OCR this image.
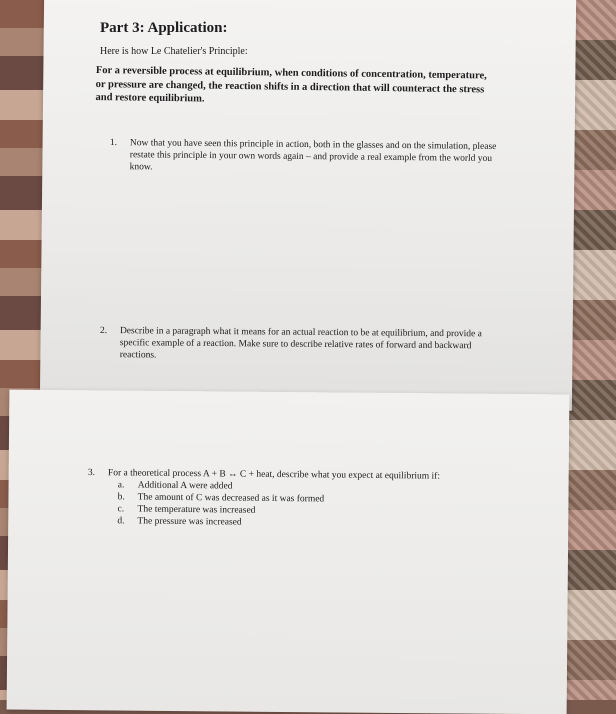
Part 3: Application:
Here is how Le Chatelier's Principle:
For a reversible process at equilibrium, when conditions of concentration, temperature, or pressure are changed, the reaction shifts in a direction that will counteract the stress and restore equilibrium.
1.	Now that you have seen this principle in action, both in the glasses and on the simulation, please restate this principle in your own words again – and provide a real example from the world you know.
2.	Describe in a paragraph what it means for an actual reaction to be at equilibrium, and provide a specific example of a reaction. Make sure to describe relative rates of forward and backward reactions.
3.	For a theoretical process A + B ↔ C + heat, describe what you expect at equilibrium if:
a.	Additional A were added
b.	The amount of C was decreased as it was formed
c.	The temperature was increased
d.	The pressure was increased
